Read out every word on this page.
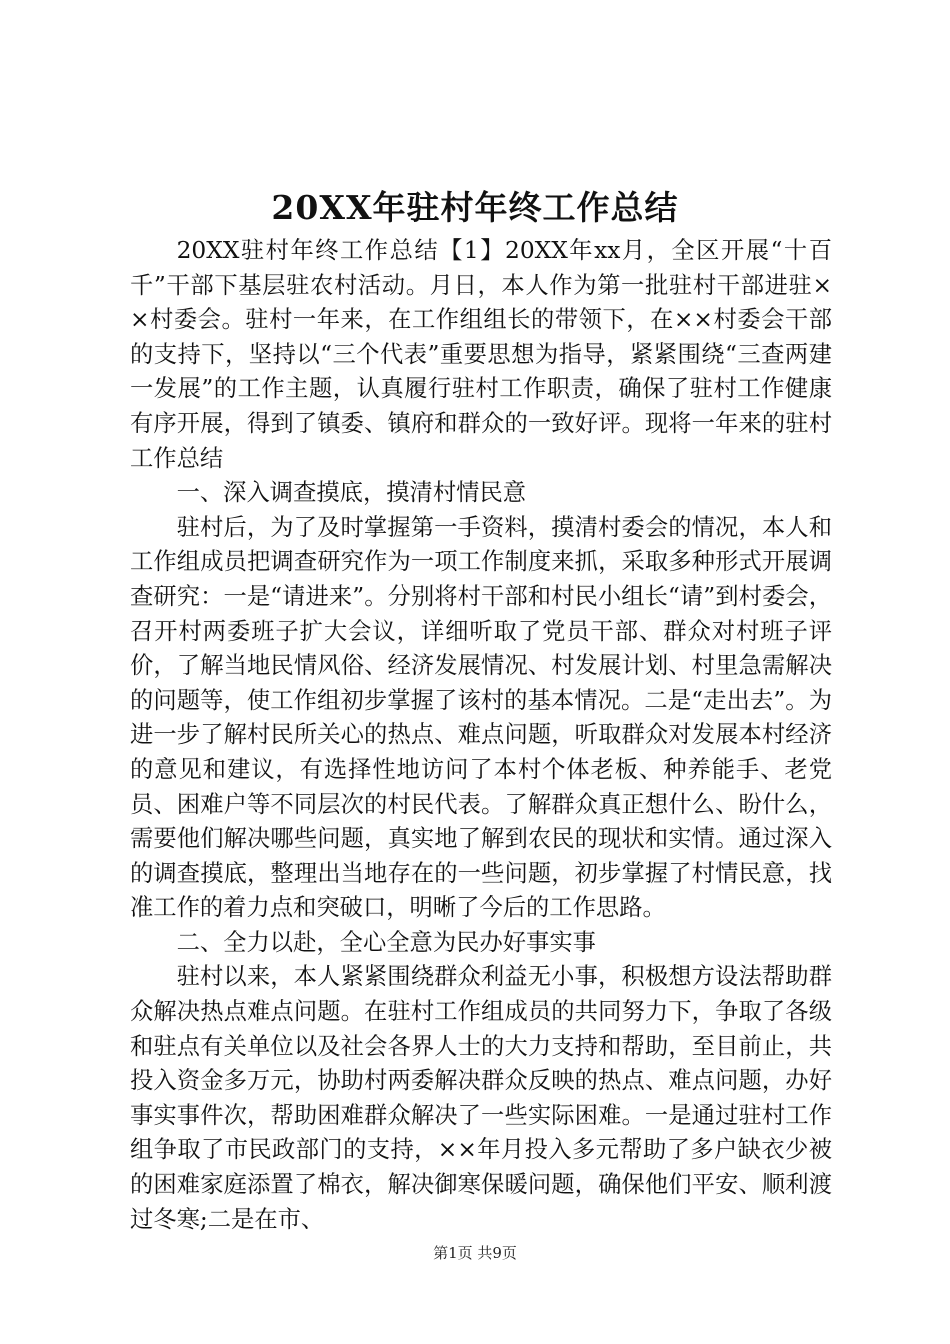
20XX年驻村年终工作总结

20XX驻村年终工作总结【1】20XX年xx月，全区开展“十百千”干部下基层驻农村活动。月日，本人作为第一批驻村干部进驻××村委会。驻村一年来，在工作组组长的带领下，在××村委会干部的支持下，坚持以“三个代表”重要思想为指导，紧紧围绕“三查两建一发展”的工作主题，认真履行驻村工作职责，确保了驻村工作健康有序开展，得到了镇委、镇府和群众的一致好评。现将一年来的驻村工作总结

一、深入调查摸底，摸清村情民意

驻村后，为了及时掌握第一手资料，摸清村委会的情况，本人和工作组成员把调查研究作为一项工作制度来抓，采取多种形式开展调查研究：一是“请进来”。分别将村干部和村民小组长“请”到村委会，召开村两委班子扩大会议，详细听取了党员干部、群众对村班子评价，了解当地民情风俗、经济发展情况、村发展计划、村里急需解决的问题等，使工作组初步掌握了该村的基本情况。二是“走出去”。为进一步了解村民所关心的热点、难点问题，听取群众对发展本村经济的意见和建议，有选择性地访问了本村个体老板、种养能手、老党员、困难户等不同层次的村民代表。了解群众真正想什么、盼什么，需要他们解决哪些问题，真实地了解到农民的现状和实情。通过深入的调查摸底，整理出当地存在的一些问题，初步掌握了村情民意，找准工作的着力点和突破口，明晰了今后的工作思路。

二、全力以赴，全心全意为民办好事实事

驻村以来，本人紧紧围绕群众利益无小事，积极想方设法帮助群众解决热点难点问题。在驻村工作组成员的共同努力下，争取了各级和驻点有关单位以及社会各界人士的大力支持和帮助，至目前止，共投入资金多万元，协助村两委解决群众反映的热点、难点问题，办好事实事件次，帮助困难群众解决了一些实际困难。一是通过驻村工作组争取了市民政部门的支持，××年月投入多元帮助了多户缺衣少被的困难家庭添置了棉衣，解决御寒保暖问题，确保他们平安、顺利渡过冬寒;二是在市、

第1页 共9页
